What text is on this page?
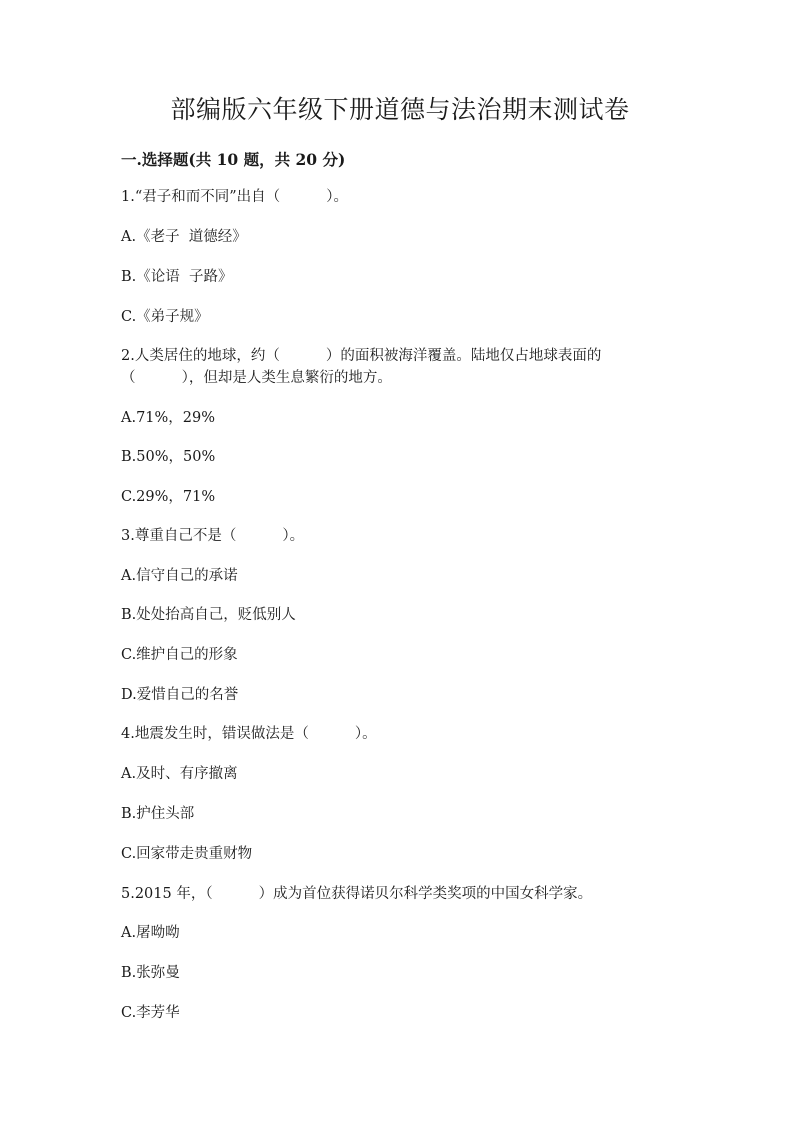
部编版六年级下册道德与法治期末测试卷
一.选择题(共 10 题，共 20 分)
1.“君子和而不同”出自（          ）。
A.《老子  道德经》
B.《论语  子路》
C.《弟子规》
2.人类居住的地球，约（          ）的面积被海洋覆盖。陆地仅占地球表面的
（          ），但却是人类生息繁衍的地方。
A.71%，29%
B.50%，50%
C.29%，71%
3.尊重自己不是（          ）。
A.信守自己的承诺
B.处处抬高自己，贬低别人
C.维护自己的形象
D.爱惜自己的名誉
4.地震发生时，错误做法是（          ）。
A.及时、有序撤离
B.护住头部
C.回家带走贵重财物
5.2015 年，（          ）成为首位获得诺贝尔科学类奖项的中国女科学家。
A.屠呦呦
B.张弥曼
C.李芳华
